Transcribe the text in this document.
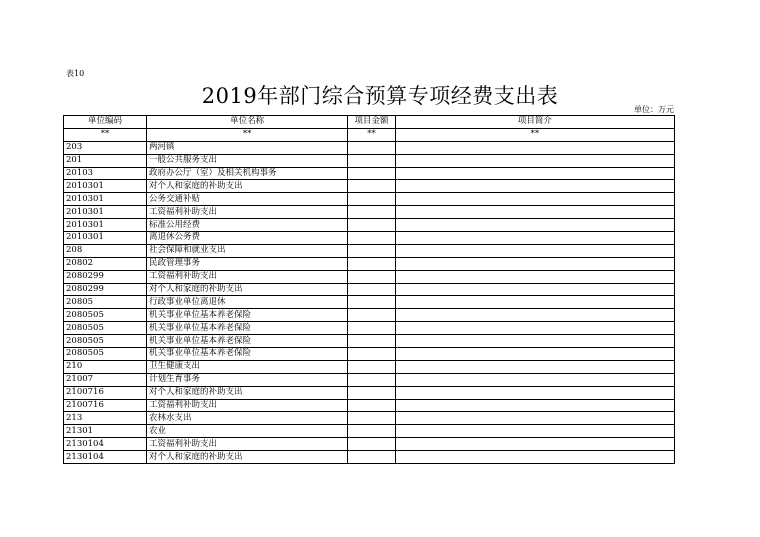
表10
2019年部门综合预算专项经费支出表
单位：万元
单位编码	单位名称	项目金额	项目简介
**	**	**	**
203	两河镇		
201	一般公共服务支出		
20103	政府办公厅（室）及相关机构事务		
2010301	对个人和家庭的补助支出		
2010301	公务交通补贴		
2010301	工资福利补助支出		
2010301	标准公用经费		
2010301	离退休公务费		
208	社会保障和就业支出		
20802	民政管理事务		
2080299	工资福利补助支出		
2080299	对个人和家庭的补助支出		
20805	行政事业单位离退休		
2080505	机关事业单位基本养老保险		
2080505	机关事业单位基本养老保险		
2080505	机关事业单位基本养老保险		
2080505	机关事业单位基本养老保险		
210	卫生健康支出		
21007	计划生育事务		
2100716	对个人和家庭的补助支出		
2100716	工资福利补助支出		
213	农林水支出		
21301	农业		
2130104	工资福利补助支出		
2130104	对个人和家庭的补助支出		
